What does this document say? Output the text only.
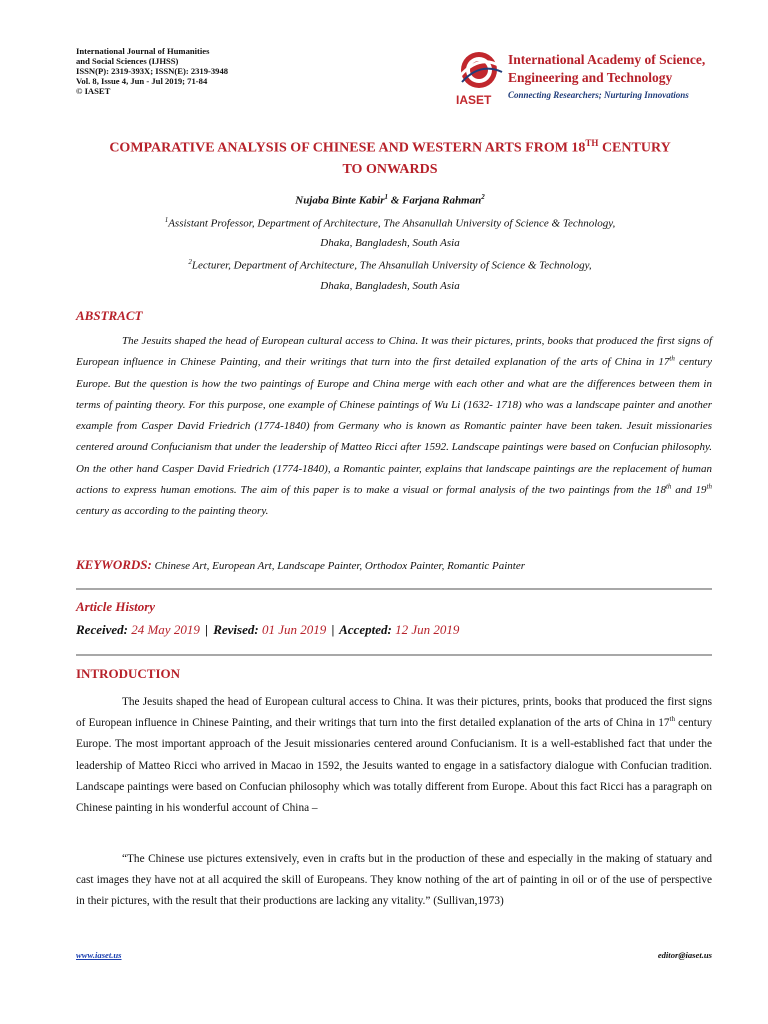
International Journal of Humanities
and Social Sciences (IJHSS)
ISSN(P): 2319-393X; ISSN(E): 2319-3948
Vol. 8, Issue 4, Jun - Jul 2019; 71-84
© IASET
IASET
International Academy of Science,
Engineering and Technology
Connecting Researchers; Nurturing Innovations
COMPARATIVE ANALYSIS OF CHINESE AND WESTERN ARTS FROM 18TH CENTURY
TO ONWARDS
Nujaba Binte Kabir$^1$ & Farjana Rahman$^2$
$^1$Assistant Professor, Department of Architecture, The Ahsanullah University of Science & Technology,
Dhaka, Bangladesh, South Asia
$^2$Lecturer, Department of Architecture, The Ahsanullah University of Science & Technology,
Dhaka, Bangladesh, South Asia
ABSTRACT
The Jesuits shaped the head of European cultural access to China. It was their pictures, prints, books that produced the first signs of European influence in Chinese Painting, and their writings that turn into the first detailed explanation of the arts of China in 17th century Europe. But the question is how the two paintings of Europe and China merge with each other and what are the differences between them in terms of painting theory. For this purpose, one example of Chinese paintings of Wu Li (1632- 1718) who was a landscape painter and another example from Casper David Friedrich (1774-1840) from Germany who is known as Romantic painter have been taken. Jesuit missionaries centered around Confucianism that under the leadership of Matteo Ricci after 1592. Landscape paintings were based on Confucian philosophy. On the other hand Casper David Friedrich (1774-1840), a Romantic painter, explains that landscape paintings are the replacement of human actions to express human emotions. The aim of this paper is to make a visual or formal analysis of the two paintings from the 18th and 19th century as according to the painting theory.
KEYWORDS: Chinese Art, European Art, Landscape Painter, Orthodox Painter, Romantic Painter
Article History
Received: 24 May 2019 | Revised: 01 Jun 2019 | Accepted: 12 Jun 2019
INTRODUCTION
The Jesuits shaped the head of European cultural access to China. It was their pictures, prints, books that produced the first signs of European influence in Chinese Painting, and their writings that turn into the first detailed explanation of the arts of China in 17th century Europe. The most important approach of the Jesuit missionaries centered around Confucianism. It is a well-established fact that under the leadership of Matteo Ricci who arrived in Macao in 1592, the Jesuits wanted to engage in a satisfactory dialogue with Confucian tradition. Landscape paintings were based on Confucian philosophy which was totally different from Europe. About this fact Ricci has a paragraph on Chinese painting in his wonderful account of China –
“The Chinese use pictures extensively, even in crafts but in the production of these and especially in the making of statuary and cast images they have not at all acquired the skill of Europeans. They know nothing of the art of painting in oil or of the use of perspective in their pictures, with the result that their productions are lacking any vitality.” (Sullivan,1973)
www.iaset.us	editor@iaset.us
